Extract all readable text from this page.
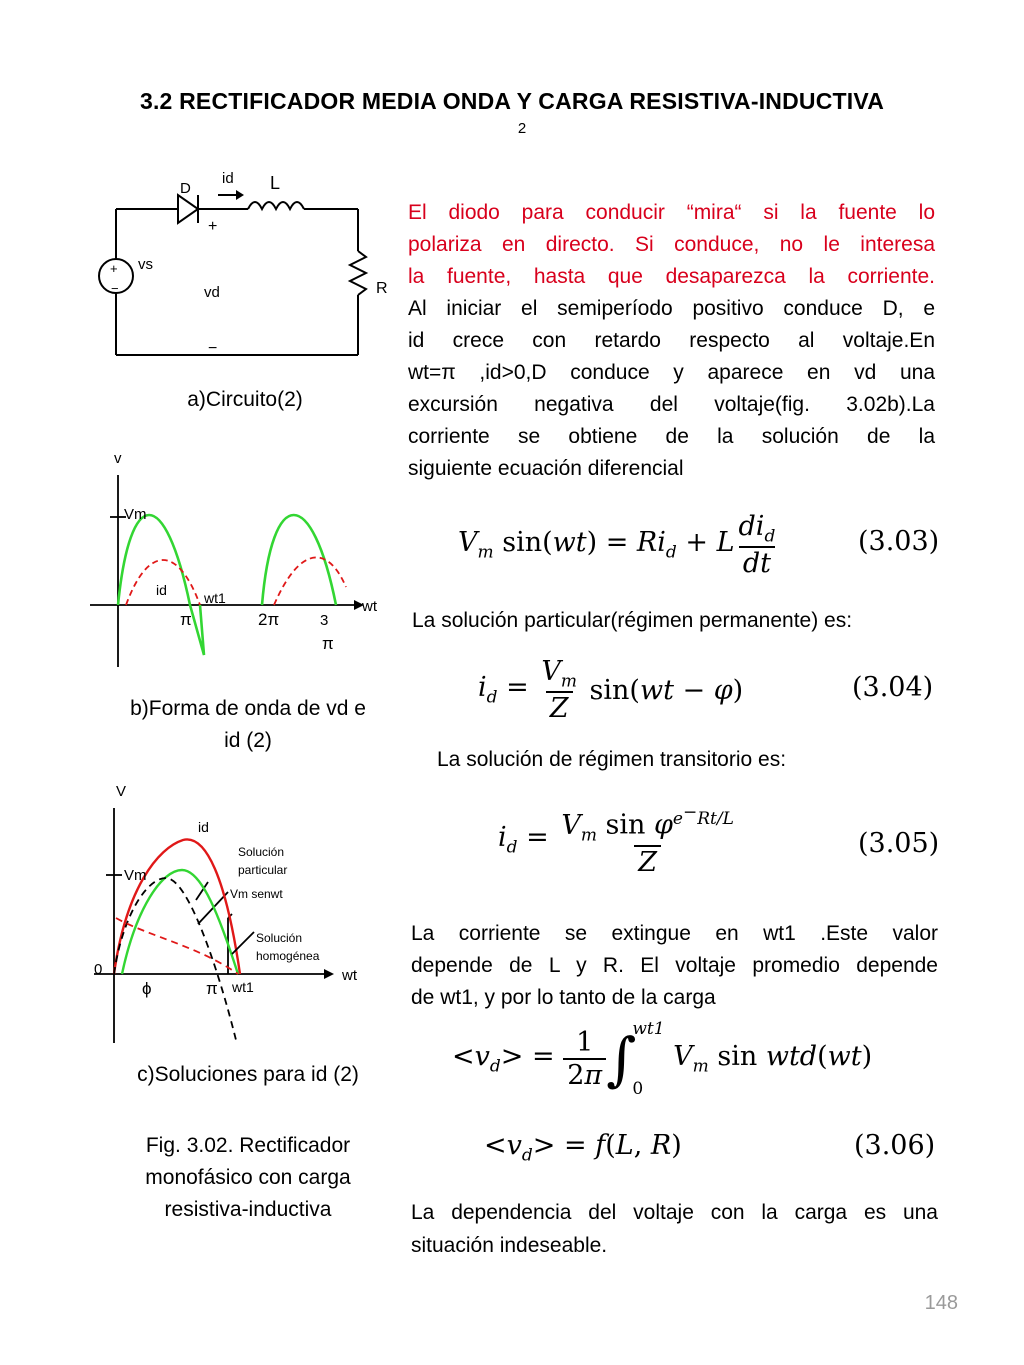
3.2 RECTIFICADOR MEDIA ONDA Y CARGA RESISTIVA-INDUCTIVA
2
D
id L
+
vs
+
−	vd	R
−
a)Circuito(2)
v
Vm
id	wt1
π	2π	3
π
wt
b)Forma de onda de vd e
id (2)
V
id
Solución
particular
Vm
Vm senwt
Solución
homogénea
0
ϕ	π wt1
wt
c)Soluciones para id (2)
Fig. 3.02. Rectificador
monofásico con carga
resistiva-inductiva
El diodo para conducir “mira“ si la fuente lo
polariza en directo. Si conduce, no le interesa
la fuente, hasta que desaparezca la corriente.
Al iniciar el semiperíodo positivo conduce D, e
id crece con retardo respecto al voltaje.En
wt=π ,id>0,D conduce y aparece en vd una
excursión negativa del voltaje(fig. 3.02b).La
corriente se obtiene de la solución de la
siguiente ecuación diferencial
$V_m$ $\sin(wt) = Ri_d + L \frac{di_d}{dt}$	(3.03)
La solución particular(régimen permanente) es:
$i_d = \frac{V_m}{Z} \sin(wt - \varphi)$	(3.04)
La solución de régimen transitorio es:
$i_d = \frac{V_m \sin \varphi^{e^-Rt/L}}{Z}$	(3.05)
La corriente se extingue en wt1 .Este valor
depende de L y R. El voltaje promedio depende
de wt1, y por lo tanto de la carga
$<v_d> = \frac{1}{2\pi}$ ∫
wt1
0
$V_m$ sin wtd(wt)
$<v_d> = f(L$, R)	(3.06)
La dependencia del voltaje con la carga es una
situación indeseable.
148
